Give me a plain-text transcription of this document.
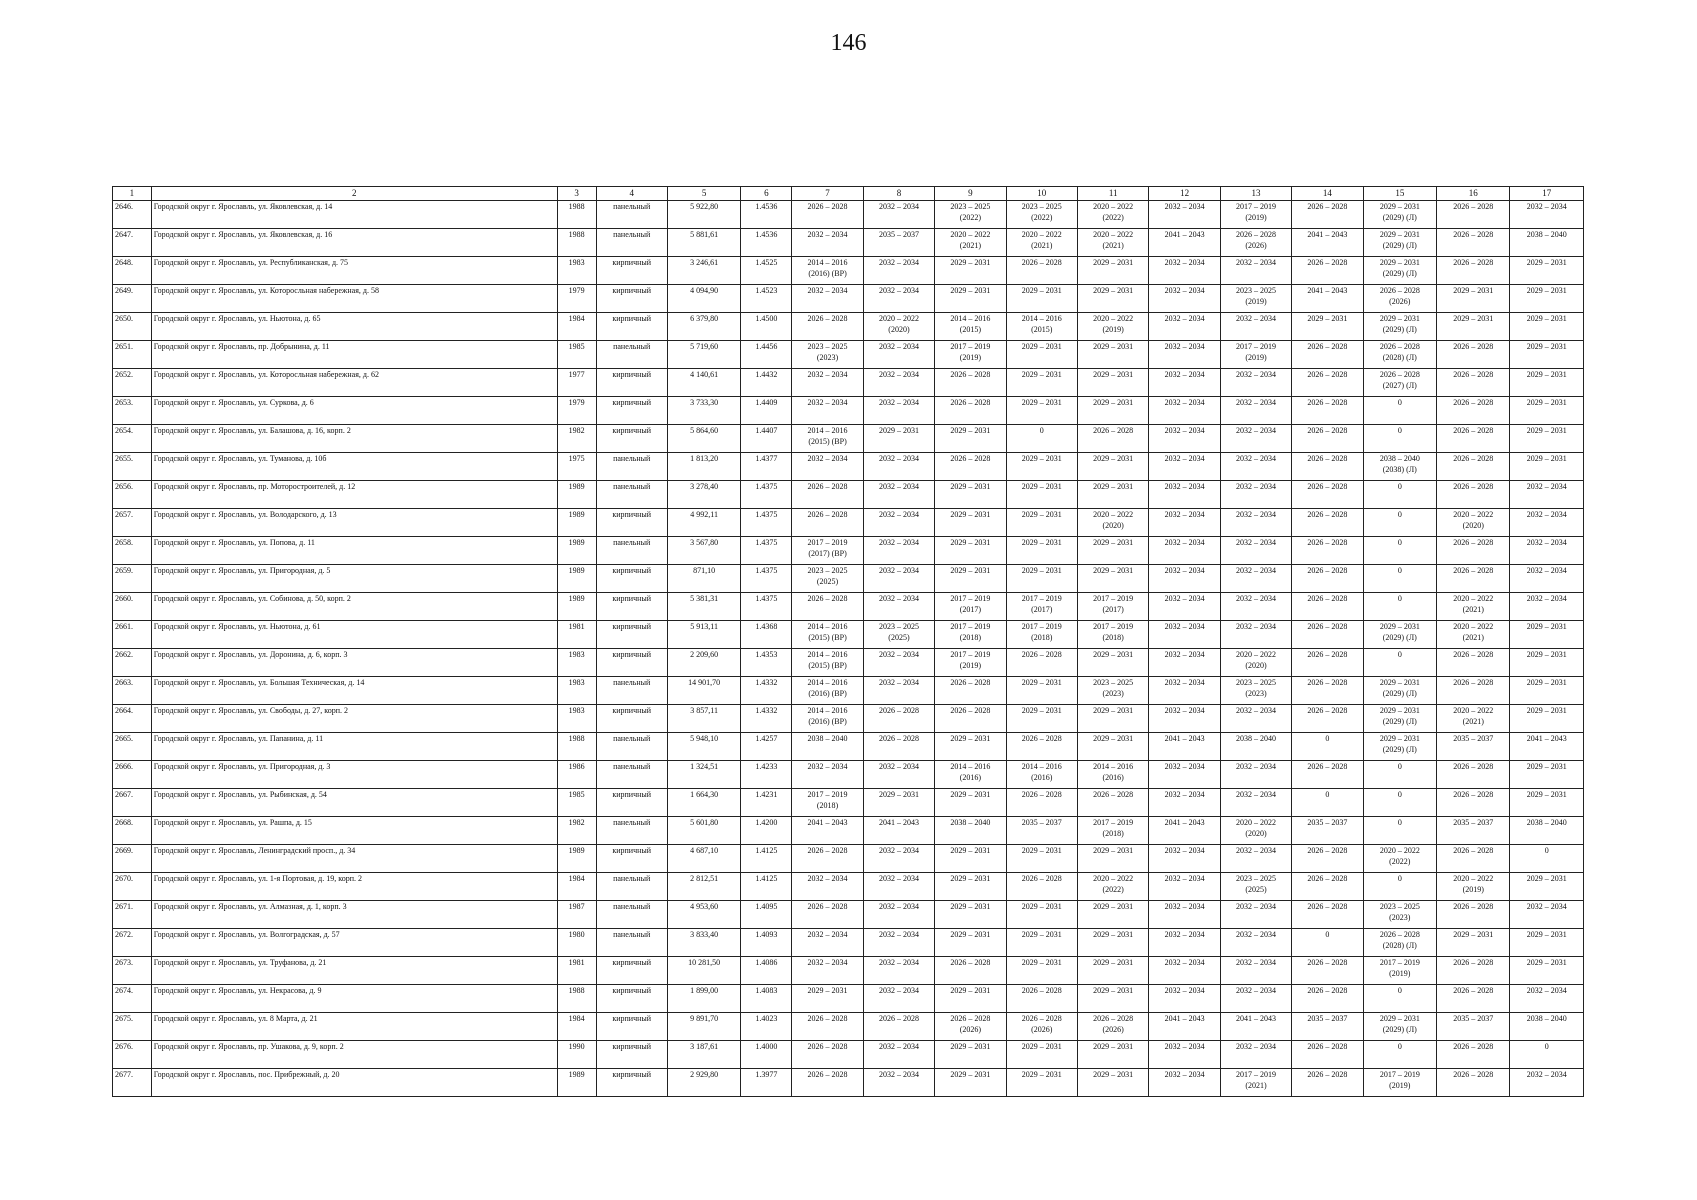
146
1	2	3	4	5	6	7	8	9	10	11	12	13	14	15	16	17

2646.	Городской округ г. Ярославль, ул. Яковлевская, д. 14	1988	панельный	5 922,80	1.4536	2026 – 2028	2032 – 2034	2023 – 2025
(2022)	2023 – 2025
(2022)	2020 – 2022
(2022)	2032 – 2034	2017 – 2019
(2019)	2026 – 2028	2029 – 2031
(2029) (Л)	2026 – 2028	2032 – 2034

2647.	Городской округ г. Ярославль, ул. Яковлевская, д. 16	1988	панельный	5 881,61	1.4536	2032 – 2034	2035 – 2037	2020 – 2022
(2021)	2020 – 2022
(2021)	2020 – 2022
(2021)	2041 – 2043	2026 – 2028
(2026)	2041 – 2043	2029 – 2031
(2029) (Л)	2026 – 2028	2038 – 2040

2648.	Городской округ г. Ярославль, ул. Республиканская, д. 75	1983	кирпичный	3 246,61	1.4525	2014 – 2016
(2016) (ВР)	2032 – 2034	2029 – 2031	2026 – 2028	2029 – 2031	2032 – 2034	2032 – 2034	2026 – 2028	2029 – 2031
(2029) (Л)	2026 – 2028	2029 – 2031

2649.	Городской округ г. Ярославль, ул. Которосльная набережная, д. 58	1979	кирпичный	4 094,90	1.4523	2032 – 2034	2032 – 2034	2029 – 2031	2029 – 2031	2029 – 2031	2032 – 2034	2023 – 2025
(2019)	2041 – 2043	2026 – 2028
(2026)	2029 – 2031	2029 – 2031

2650.	Городской округ г. Ярославль, ул. Ньютона, д. 65	1984	кирпичный	6 379,80	1.4500	2026 – 2028	2020 – 2022
(2020)	2014 – 2016
(2015)	2014 – 2016
(2015)	2020 – 2022
(2019)	2032 – 2034	2032 – 2034	2029 – 2031	2029 – 2031
(2029) (Л)	2029 – 2031	2029 – 2031

2651.	Городской округ г. Ярославль, пр. Добрынина, д. 11	1985	панельный	5 719,60	1.4456	2023 – 2025
(2023)	2032 – 2034	2017 – 2019
(2019)	2029 – 2031	2029 – 2031	2032 – 2034	2017 – 2019
(2019)	2026 – 2028	2026 – 2028
(2028) (Л)	2026 – 2028	2029 – 2031

2652.	Городской округ г. Ярославль, ул. Которосльная набережная, д. 62	1977	кирпичный	4 140,61	1.4432	2032 – 2034	2032 – 2034	2026 – 2028	2029 – 2031	2029 – 2031	2032 – 2034	2032 – 2034	2026 – 2028	2026 – 2028
(2027) (Л)	2026 – 2028	2029 – 2031

2653.	Городской округ г. Ярославль, ул. Суркова, д. 6	1979	кирпичный	3 733,30	1.4409	2032 – 2034	2032 – 2034	2026 – 2028	2029 – 2031	2029 – 2031	2032 – 2034	2032 – 2034	2026 – 2028	0	2026 – 2028	2029 – 2031

2654.	Городской округ г. Ярославль, ул. Балашова, д. 16, корп. 2	1982	кирпичный	5 864,60	1.4407	2014 – 2016
(2015) (ВР)	2029 – 2031	2029 – 2031	0	2026 – 2028	2032 – 2034	2032 – 2034	2026 – 2028	0	2026 – 2028	2029 – 2031

2655.	Городской округ г. Ярославль, ул. Туманова, д. 10б	1975	панельный	1 813,20	1.4377	2032 – 2034	2032 – 2034	2026 – 2028	2029 – 2031	2029 – 2031	2032 – 2034	2032 – 2034	2026 – 2028	2038 – 2040
(2038) (Л)	2026 – 2028	2029 – 2031

2656.	Городской округ г. Ярославль, пр. Моторостроителей, д. 12	1989	панельный	3 278,40	1.4375	2026 – 2028	2032 – 2034	2029 – 2031	2029 – 2031	2029 – 2031	2032 – 2034	2032 – 2034	2026 – 2028	0	2026 – 2028	2032 – 2034

2657.	Городской округ г. Ярославль, ул. Володарского, д. 13	1989	кирпичный	4 992,11	1.4375	2026 – 2028	2032 – 2034	2029 – 2031	2029 – 2031	2020 – 2022
(2020)	2032 – 2034	2032 – 2034	2026 – 2028	0	2020 – 2022
(2020)	2032 – 2034

2658.	Городской округ г. Ярославль, ул. Попова, д. 11	1989	панельный	3 567,80	1.4375	2017 – 2019
(2017) (ВР)	2032 – 2034	2029 – 2031	2029 – 2031	2029 – 2031	2032 – 2034	2032 – 2034	2026 – 2028	0	2026 – 2028	2032 – 2034

2659.	Городской округ г. Ярославль, ул. Пригородная, д. 5	1989	кирпичный	871,10	1.4375	2023 – 2025
(2025)	2032 – 2034	2029 – 2031	2029 – 2031	2029 – 2031	2032 – 2034	2032 – 2034	2026 – 2028	0	2026 – 2028	2032 – 2034

2660.	Городской округ г. Ярославль, ул. Собинова, д. 50, корп. 2	1989	кирпичный	5 381,31	1.4375	2026 – 2028	2032 – 2034	2017 – 2019
(2017)	2017 – 2019
(2017)	2017 – 2019
(2017)	2032 – 2034	2032 – 2034	2026 – 2028	0	2020 – 2022
(2021)	2032 – 2034

2661.	Городской округ г. Ярославль, ул. Ньютона, д. 61	1981	кирпичный	5 913,11	1.4368	2014 – 2016
(2015) (ВР)	2023 – 2025
(2025)	2017 – 2019
(2018)	2017 – 2019
(2018)	2017 – 2019
(2018)	2032 – 2034	2032 – 2034	2026 – 2028	2029 – 2031
(2029) (Л)	2020 – 2022
(2021)	2029 – 2031

2662.	Городской округ г. Ярославль, ул. Доронина, д. 6, корп. 3	1983	кирпичный	2 209,60	1.4353	2014 – 2016
(2015) (ВР)	2032 – 2034	2017 – 2019
(2019)	2026 – 2028	2029 – 2031	2032 – 2034	2020 – 2022
(2020)	2026 – 2028	0	2026 – 2028	2029 – 2031

2663.	Городской округ г. Ярославль, ул. Большая Техническая, д. 14	1983	панельный	14 901,70	1.4332	2014 – 2016
(2016) (ВР)	2032 – 2034	2026 – 2028	2029 – 2031	2023 – 2025
(2023)	2032 – 2034	2023 – 2025
(2023)	2026 – 2028	2029 – 2031
(2029) (Л)	2026 – 2028	2029 – 2031

2664.	Городской округ г. Ярославль, ул. Свободы, д. 27, корп. 2	1983	кирпичный	3 857,11	1.4332	2014 – 2016
(2016) (ВР)	2026 – 2028	2026 – 2028	2029 – 2031	2029 – 2031	2032 – 2034	2032 – 2034	2026 – 2028	2029 – 2031
(2029) (Л)	2020 – 2022
(2021)	2029 – 2031

2665.	Городской округ г. Ярославль, ул. Папанина, д. 11	1988	панельный	5 948,10	1.4257	2038 – 2040	2026 – 2028	2029 – 2031	2026 – 2028	2029 – 2031	2041 – 2043	2038 – 2040	0	2029 – 2031
(2029) (Л)	2035 – 2037	2041 – 2043

2666.	Городской округ г. Ярославль, ул. Пригородная, д. 3	1986	панельный	1 324,51	1.4233	2032 – 2034	2032 – 2034	2014 – 2016
(2016)	2014 – 2016
(2016)	2014 – 2016
(2016)	2032 – 2034	2032 – 2034	2026 – 2028	0	2026 – 2028	2029 – 2031

2667.	Городской округ г. Ярославль, ул. Рыбинская, д. 54	1985	кирпичный	1 664,30	1.4231	2017 – 2019
(2018)	2029 – 2031	2029 – 2031	2026 – 2028	2026 – 2028	2032 – 2034	2032 – 2034	0	0	2026 – 2028	2029 – 2031

2668.	Городской округ г. Ярославль, ул. Рашпа, д. 15	1982	панельный	5 601,80	1.4200	2041 – 2043	2041 – 2043	2038 – 2040	2035 – 2037	2017 – 2019
(2018)	2041 – 2043	2020 – 2022
(2020)	2035 – 2037	0	2035 – 2037	2038 – 2040

2669.	Городской округ г. Ярославль, Ленинградский просп., д. 34	1989	кирпичный	4 687,10	1.4125	2026 – 2028	2032 – 2034	2029 – 2031	2029 – 2031	2029 – 2031	2032 – 2034	2032 – 2034	2026 – 2028	2020 – 2022
(2022)	2026 – 2028	0

2670.	Городской округ г. Ярославль, ул. 1-я Портовая, д. 19, корп. 2	1984	панельный	2 812,51	1.4125	2032 – 2034	2032 – 2034	2029 – 2031	2026 – 2028	2020 – 2022
(2022)	2032 – 2034	2023 – 2025
(2025)	2026 – 2028	0	2020 – 2022
(2019)	2029 – 2031

2671.	Городской округ г. Ярославль, ул. Алмазная, д. 1, корп. 3	1987	панельный	4 953,60	1.4095	2026 – 2028	2032 – 2034	2029 – 2031	2029 – 2031	2029 – 2031	2032 – 2034	2032 – 2034	2026 – 2028	2023 – 2025
(2023)	2026 – 2028	2032 – 2034

2672.	Городской округ г. Ярославль, ул. Волгоградская, д. 57	1980	панельный	3 833,40	1.4093	2032 – 2034	2032 – 2034	2029 – 2031	2029 – 2031	2029 – 2031	2032 – 2034	2032 – 2034	0	2026 – 2028
(2028) (Л)	2029 – 2031	2029 – 2031

2673.	Городской округ г. Ярославль, ул. Труфанова, д. 21	1981	кирпичный	10 281,50	1.4086	2032 – 2034	2032 – 2034	2026 – 2028	2029 – 2031	2029 – 2031	2032 – 2034	2032 – 2034	2026 – 2028	2017 – 2019
(2019)	2026 – 2028	2029 – 2031

2674.	Городской округ г. Ярославль, ул. Некрасова, д. 9	1988	кирпичный	1 899,00	1.4083	2029 – 2031	2032 – 2034	2029 – 2031	2026 – 2028	2029 – 2031	2032 – 2034	2032 – 2034	2026 – 2028	0	2026 – 2028	2032 – 2034

2675.	Городской округ г. Ярославль, ул. 8 Марта, д. 21	1984	кирпичный	9 891,70	1.4023	2026 – 2028	2026 – 2028	2026 – 2028
(2026)	2026 – 2028
(2026)	2026 – 2028
(2026)	2041 – 2043	2041 – 2043	2035 – 2037	2029 – 2031
(2029) (Л)	2035 – 2037	2038 – 2040

2676.	Городской округ г. Ярославль, пр. Ушакова, д. 9, корп. 2	1990	кирпичный	3 187,61	1.4000	2026 – 2028	2032 – 2034	2029 – 2031	2029 – 2031	2029 – 2031	2032 – 2034	2032 – 2034	2026 – 2028	0	2026 – 2028	0

2677.	Городской округ г. Ярославль, пос. Прибрежный, д. 20	1989	кирпичный	2 929,80	1.3977	2026 – 2028	2032 – 2034	2029 – 2031	2029 – 2031	2029 – 2031	2032 – 2034	2017 – 2019
(2021)	2026 – 2028	2017 – 2019
(2019)	2026 – 2028	2032 – 2034
